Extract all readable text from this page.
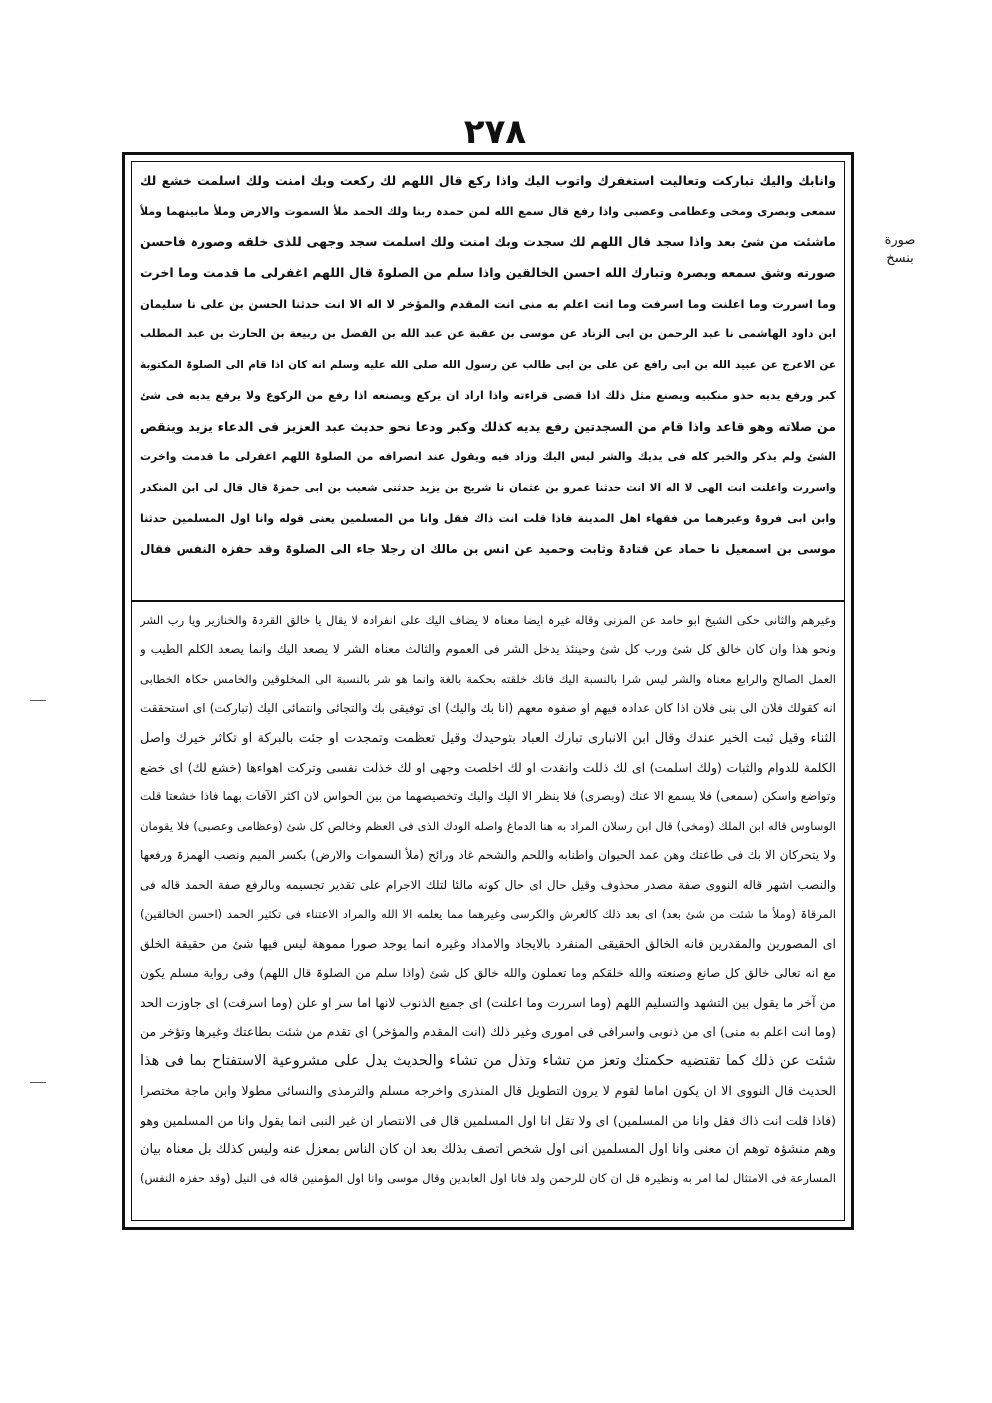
٢٧٨
صورة
بنسخ
وانابك والیك تبارکت وتعالیت استغفرك واتوب الیك واذا رکع قال اللھم لك رکعت وبك امنت ولك اسلمت خشع لك
سمعی وبصری ومخی وعظامی وعصبی واذا رفع قال سمع الله لمن حمدہ ربنا ولك الحمد ملأ السموت والارض وملأ مابینھما وملأ
ماشئت من شئ بعد واذا سجد قال اللھم لك سجدت وبك امنت ولك اسلمت سجد وجھی للذی خلقه وصورہ فاحسن
صورته وشق سمعه وبصرہ وتبارك الله احسن الخالقین واذا سلم من الصلوۃ قال اللھم اغفرلی ما قدمت وما اخرت
وما اسررت وما اعلنت وما اسرفت وما انت اعلم به منی انت المقدم والمؤخر لا اله الا انت حدثنا الحسن بن علی نا سلیمان
ابن داود الھاشمی نا عبد الرحمن بن ابی الزناد عن موسی بن عقبة عن عبد الله بن الفضل بن ربیعة بن الحارث بن عبد المطلب
عن الاعرج عن عبید الله بن ابی رافع عن علی بن ابی طالب عن رسول الله صلی الله علیه وسلم انه کان اذا قام الی الصلوۃ المکتوبة
کبر ورفع یدیه حذو منکبیه ویصنع مثل ذلك اذا قضی قراءته واذا اراد ان یرکع ویصنعه اذا رفع من الرکوع ولا یرفع یدیه فی شئ
من صلاته وھو قاعد واذا قام من السجدتین رفع یدیه کذلك وکبر ودعا نحو حدیث عبد العزیز فی الدعاء یزید وینقص
الشئ ولم یذکر والخیر کله فی یدیك والشر لیس الیك وزاد فیه ویقول عند انصرافه من الصلوۃ اللھم اغفرلی ما قدمت واخرت
واسررت واعلنت انت الھی لا اله الا انت حدثنا عمرو بن عثمان نا شریح بن یزید حدثنی شعیب بن ابی حمزۃ قال قال لی ابن المنکدر
وابن ابی فروۃ وغیرھما من فقھاء اھل المدینة فاذا قلت انت ذاك فقل وانا من المسلمین یعنی قوله وانا اول المسلمین حدثنا
موسی بن اسمعیل نا حماد عن قتادۃ وثابت وحمید عن انس بن مالك ان رجلا جاء الی الصلوۃ وقد حفزہ النفس فقال
وغیرھم والثانی حکی الشیخ ابو حامد عن المزنی وقاله غیرہ ایضا معناہ لا یضاف الیك علی انفرادہ لا یقال یا خالق القردۃ والخنازیر ویا رب الشر
ونحو ھذا وان کان خالق کل شئ ورب کل شئ وحینئذ یدخل الشر فی العموم والثالث معناہ الشر لا یصعد الیك وانما یصعد الکلم الطیب و
العمل الصالح والرابع معناہ والشر لیس شرا بالنسبة الیك فانك خلقته بحکمة بالغة وانما ھو شر بالنسبة الی المخلوقین والخامس حکاہ الخطابی
انه کقولك فلان الی بنی فلان اذا کان عدادہ فیھم او صفوہ معھم (انا بك والیك) ای توفیقی بك والتجائی وانتمائی الیك (تبارکت) ای استحققت
الثناء وقیل ثبت الخیر عندك وقال ابن الانباری تبارك العباد بتوحیدك وقیل تعظمت وتمجدت او جئت بالبرکة او تکاثر خیرك واصل
الکلمة للدوام والثبات (ولك اسلمت) ای لك ذللت وانقدت او لك اخلصت وجھی او لك خذلت نفسی وترکت اھواءھا (خشع لك) ای خضع
وتواضع واسکن (سمعی) فلا یسمع الا عنك (وبصری) فلا ینظر الا الیك والیك وتخصیصھما من بین الحواس لان اکثر الآفات بھما فاذا خشعتا قلت
الوساوس قاله ابن الملك (ومخی) قال ابن رسلان المراد به ھنا الدماغ واصله الودك الذی فی العظم وخالص کل شئ (وعظامی وعصبی) فلا یقومان
ولا یتحرکان الا بك فی طاعتك وھن عمد الحیوان واطنابه واللحم والشحم غاد ورائح (ملأ السموات والارض) بکسر المیم ونصب الھمزۃ ورفعھا
والنصب اشھر قاله النووی صفة مصدر محذوف وقیل حال ای حال کونه مالئا لتلك الاجرام علی تقدیر تجسیمه وبالرفع صفة الحمد قاله فی
المرقاۃ (وملأ ما شئت من شئ بعد) ای بعد ذلك کالعرش والکرسی وغیرھما مما یعلمه الا الله والمراد الاعتناء فی تکثیر الحمد (احسن الخالقین)
ای المصورین والمقدرین فانه الخالق الحقیقی المنفرد بالایجاد والامداد وغیرہ انما یوجد صورا مموھة لیس فیھا شئ من حقیقة الخلق
مع انه تعالی خالق کل صانع وصنعته والله خلقکم وما تعملون والله خالق کل شئ (واذا سلم من الصلوۃ قال اللھم) وفی روایة مسلم یکون
من آخر ما یقول بین التشھد والتسلیم اللھم (وما اسررت وما اعلنت) ای جمیع الذنوب لانھا اما سر او علن (وما اسرفت) ای جاوزت الحد
(وما انت اعلم به منی) ای من ذنوبی واسرافی فی اموری وغیر ذلك (انت المقدم والمؤخر) ای تقدم من شئت بطاعتك وغیرھا وتؤخر من
شئت عن ذلك کما تقتضیه حکمتك وتعز من تشاء وتذل من تشاء والحدیث یدل علی مشروعیة الاستفتاح بما فی ھذا
الحدیث قال النووی الا ان یکون اماما لقوم لا یرون التطویل قال المنذری واخرجه مسلم والترمذی والنسائی مطولا وابن ماجة مختصرا
(فاذا قلت انت ذاك فقل وانا من المسلمین) ای ولا تقل انا اول المسلمین قال فی الانتصار ان غیر النبی انما یقول وانا من المسلمین وھو
وھم منشؤہ توھم ان معنی وانا اول المسلمین انی اول شخص اتصف بذلك بعد ان کان الناس بمعزل عنه ولیس کذلك بل معناہ بیان
المسارعة فی الامتثال لما امر به ونظیرہ قل ان کان للرحمن ولد فانا اول العابدین وقال موسی وانا اول المؤمنین قاله فی النیل (وقد حفزہ النفس)
